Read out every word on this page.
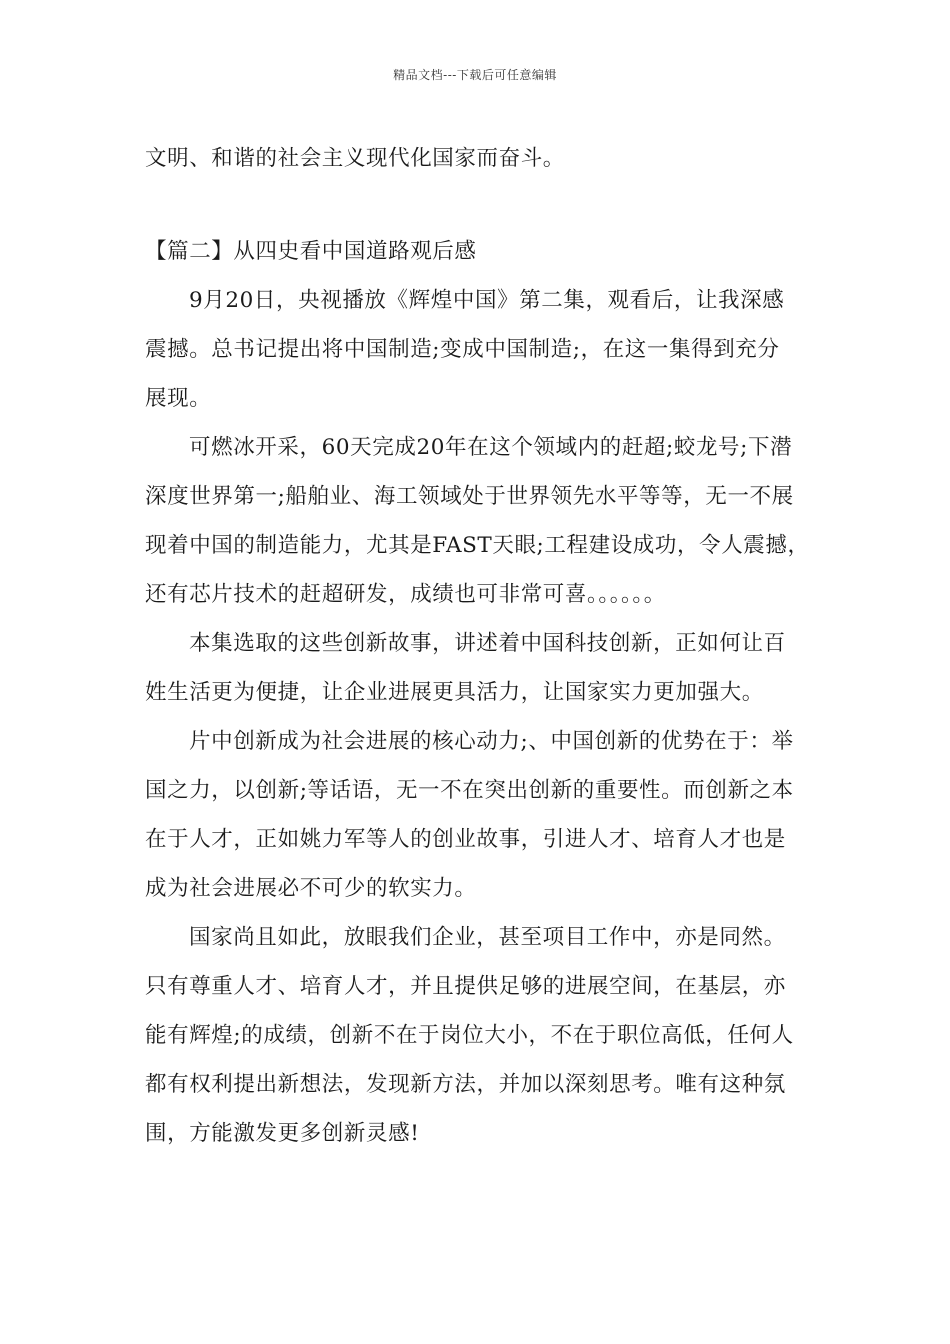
精品文档---下载后可任意编辑
文明、和谐的社会主义现代化国家而奋斗。
【篇二】从四史看中国道路观后感
9月20日，央视播放《辉煌中国》第二集，观看后，让我深感
震撼。总书记提出将中国制造;变成中国制造;，在这一集得到充分
展现。
可燃冰开采，60天完成20年在这个领域内的赶超;蛟龙号;下潜
深度世界第一;船舶业、海工领域处于世界领先水平等等，无一不展
现着中国的制造能力，尤其是FAST天眼;工程建设成功，令人震撼，
还有芯片技术的赶超研发，成绩也可非常可喜。。。。。。
本集选取的这些创新故事，讲述着中国科技创新，正如何让百
姓生活更为便捷，让企业进展更具活力，让国家实力更加强大。
片中创新成为社会进展的核心动力;、中国创新的优势在于：举
国之力，以创新;等话语，无一不在突出创新的重要性。而创新之本
在于人才，正如姚力军等人的创业故事，引进人才、培育人才也是
成为社会进展必不可少的软实力。
国家尚且如此，放眼我们企业，甚至项目工作中，亦是同然。
只有尊重人才、培育人才，并且提供足够的进展空间，在基层，亦
能有辉煌;的成绩，创新不在于岗位大小，不在于职位高低，任何人
都有权利提出新想法，发现新方法，并加以深刻思考。唯有这种氛
围，方能激发更多创新灵感!
